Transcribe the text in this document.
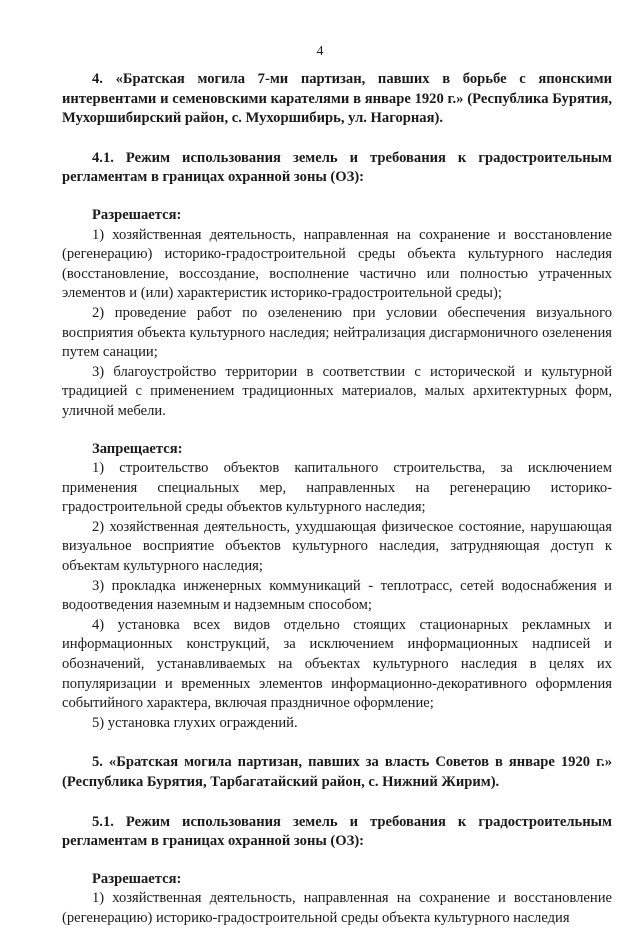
4

4. «Братская могила 7-ми партизан, павших в борьбе с японскими интервентами и семеновскими карателями в январе 1920 г.» (Республика Бурятия, Мухоршибирский район, с. Мухоршибирь, ул. Нагорная).

4.1. Режим использования земель и требования к градостроительным регламентам в границах охранной зоны (ОЗ):

Разрешается:

1) хозяйственная деятельность, направленная на сохранение и восстановление (регенерацию) историко-градостроительной среды объекта культурного наследия (восстановление, воссоздание, восполнение частично или полностью утраченных элементов и (или) характеристик историко-градостроительной среды);

2) проведение работ по озеленению при условии обеспечения визуального восприятия объекта культурного наследия; нейтрализация дисгармоничного озеленения путем санации;

3) благоустройство территории в соответствии с исторической и культурной традицией с применением традиционных материалов, малых архитектурных форм, уличной мебели.

Запрещается:

1) строительство объектов капитального строительства, за исключением применения специальных мер, направленных на регенерацию историко-градостроительной среды объектов культурного наследия;

2) хозяйственная деятельность, ухудшающая физическое состояние, нарушающая визуальное восприятие объектов культурного наследия, затрудняющая доступ к объектам культурного наследия;

3) прокладка инженерных коммуникаций - теплотрасс, сетей водоснабжения и водоотведения наземным и надземным способом;

4) установка всех видов отдельно стоящих стационарных рекламных и информационных конструкций, за исключением информационных надписей и обозначений, устанавливаемых на объектах культурного наследия в целях их популяризации и временных элементов информационно-декоративного оформления событийного характера, включая праздничное оформление;

5) установка глухих ограждений.

5. «Братская могила партизан, павших за власть Советов в январе 1920 г.» (Республика Бурятия, Тарбагатайский район, с. Нижний Жирим).

5.1. Режим использования земель и требования к градостроительным регламентам в границах охранной зоны (ОЗ):

Разрешается:

1) хозяйственная деятельность, направленная на сохранение и восстановление (регенерацию) историко-градостроительной среды объекта культурного наследия
